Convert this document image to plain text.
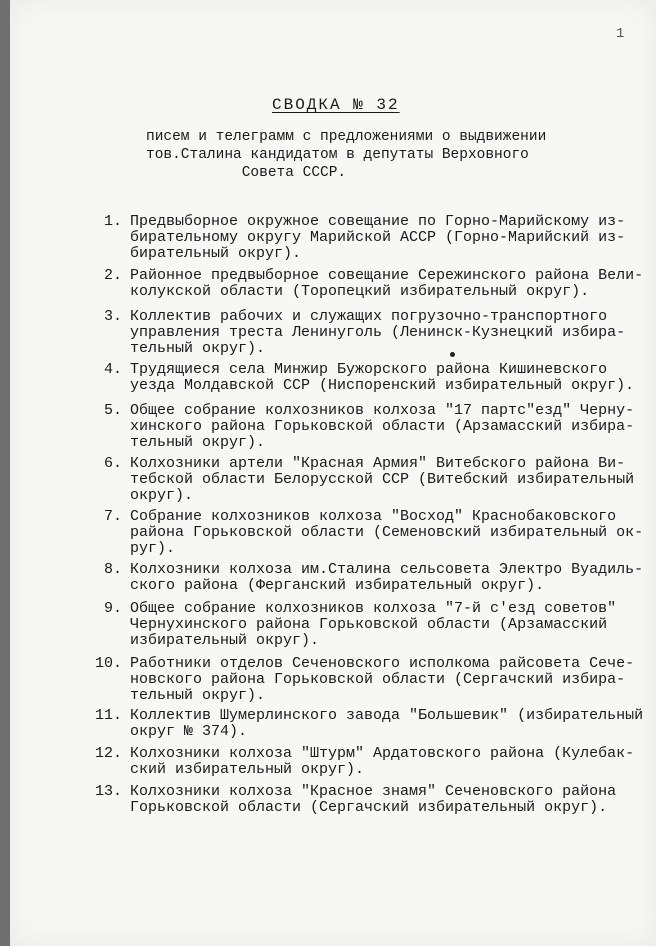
1
СВОДКА № 32
писем и телеграмм с предложениями о выдвижении
тов.Сталина кандидатом в депутаты Верховного
Совета СССР.
1. Предвыборное окружное совещание по Горно-Марийскому из-
бирательному округу Марийской АССР (Горно-Марийский из-
бирательный округ).
2. Районное предвыборное совещание Сережинского района Вели-
колукской области (Торопецкий избирательный округ).
3. Коллектив рабочих и служащих погрузочно-транспортного
управления треста Ленинуголь (Ленинск-Кузнецкий избира-
тельный округ).
4. Трудящиеся села Минжир Бужорского района Кишиневского
уезда Молдавской ССР (Ниспоренский избирательный округ).
5. Общее собрание колхозников колхоза "17 партс"езд" Черну-
хинского района Горьковской области (Арзамасский избира-
тельный округ).
6. Колхозники артели "Красная Армия" Витебского района Ви-
тебской области Белорусской ССР (Витебский избирательный
округ).
7. Собрание колхозников колхоза "Восход" Краснобаковского
района Горьковской области (Семеновский избирательный ок-
руг).
8. Колхозники колхоза им.Сталина сельсовета Электро Вуадиль-
ского района (Ферганский избирательный округ).
9. Общее собрание колхозников колхоза "7-й с'езд советов"
Чернухинского района Горьковской области (Арзамасский
избирательный округ).
10. Работники отделов Сеченовского исполкома райсовета Сече-
новского района Горьковской области (Сергачский избира-
тельный округ).
11. Коллектив Шумерлинского завода "Большевик" (избирательный
округ № 374).
12. Колхозники колхоза "Штурм" Ардатовского района (Кулебак-
ский избирательный округ).
13. Колхозники колхоза "Красное знамя" Сеченовского района
Горьковской области (Сергачский избирательный округ).
